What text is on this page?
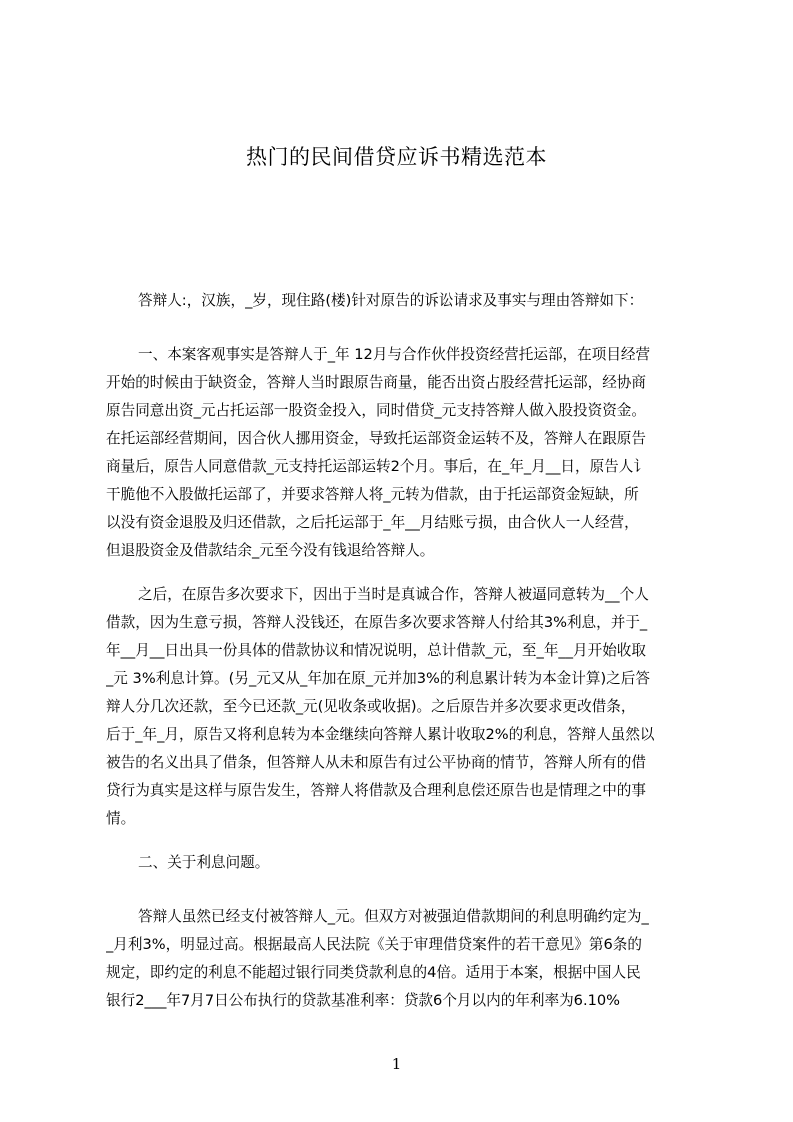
热门的民间借贷应诉书精选范本
答辩人:，汉族，_岁，现住路(楼)针对原告的诉讼请求及事实与理由答辩如下：
一、本案客观事实是答辩人于_年 12月与合作伙伴投资经营托运部，在项目经营
开始的时候由于缺资金，答辩人当时跟原告商量，能否出资占股经营托运部，经协商
原告同意出资_元占托运部一股资金投入，同时借贷_元支持答辩人做入股投资资金。
在托运部经营期间，因合伙人挪用资金，导致托运部资金运转不及，答辩人在跟原告
商量后，原告人同意借款_元支持托运部运转2个月。事后，在_年_月__日，原告人讠
干脆他不入股做托运部了，并要求答辩人将_元转为借款，由于托运部资金短缺，所
以没有资金退股及归还借款，之后托运部于_年__月结账亏损，由合伙人一人经营，
但退股资金及借款结余_元至今没有钱退给答辩人。
之后，在原告多次要求下，因出于当时是真诚合作，答辩人被逼同意转为__个人
借款，因为生意亏损，答辩人没钱还，在原告多次要求答辩人付给其3%利息，并于_
年__月__日出具一份具体的借款协议和情况说明，总计借款_元，至_年__月开始收取
_元 3%利息计算。(另_元又从_年加在原_元并加3%的利息累计转为本金计算)之后答
辩人分几次还款，至今已还款_元(见收条或收据)。之后原告并多次要求更改借条，
后于_年_月，原告又将利息转为本金继续向答辩人累计收取2%的利息，答辩人虽然以
被告的名义出具了借条，但答辩人从未和原告有过公平协商的情节，答辩人所有的借
贷行为真实是这样与原告发生，答辩人将借款及合理利息偿还原告也是情理之中的事
情。
二、关于利息问题。
答辩人虽然已经支付被答辩人_元。但双方对被强迫借款期间的利息明确约定为_
_月利3%，明显过高。根据最高人民法院《关于审理借贷案件的若干意见》第6条的
规定，即约定的利息不能超过银行同类贷款利息的4倍。适用于本案，根据中国人民
银行2___年7月7日公布执行的贷款基准利率：贷款6个月以内的年利率为6.10%
1
